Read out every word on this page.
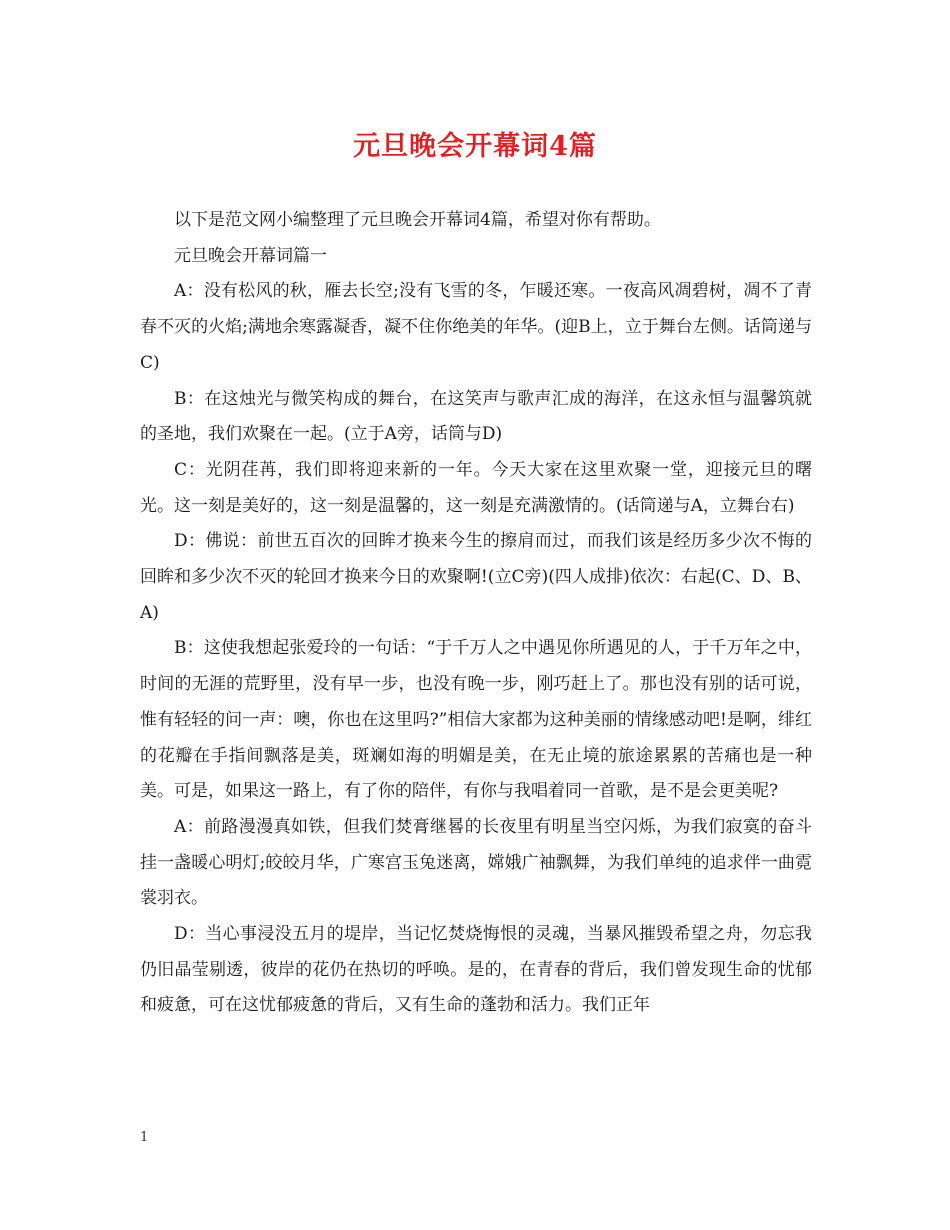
元旦晚会开幕词4篇

以下是范文网小编整理了元旦晚会开幕词4篇，希望对你有帮助。

元旦晚会开幕词篇一

A：没有松风的秋，雁去长空;没有飞雪的冬，乍暖还寒。一夜高风凋碧树，凋不了青春不灭的火焰;满地余寒露凝香，凝不住你绝美的年华。(迎B上，立于舞台左侧。话筒递与C)

B：在这烛光与微笑构成的舞台，在这笑声与歌声汇成的海洋，在这永恒与温馨筑就的圣地，我们欢聚在一起。(立于A旁，话筒与D)

C：光阴荏苒，我们即将迎来新的一年。今天大家在这里欢聚一堂，迎接元旦的曙光。这一刻是美好的，这一刻是温馨的，这一刻是充满激情的。(话筒递与A，立舞台右)

D：佛说：前世五百次的回眸才换来今生的擦肩而过，而我们该是经历多少次不悔的回眸和多少次不灭的轮回才换来今日的欢聚啊!(立C旁)(四人成排)依次：右起(C、D、B、A)

B：这使我想起张爱玲的一句话：“于千万人之中遇见你所遇见的人，于千万年之中，时间的无涯的荒野里，没有早一步，也没有晚一步，刚巧赶上了。那也没有别的话可说，惟有轻轻的问一声：噢，你也在这里吗?”相信大家都为这种美丽的情缘感动吧!是啊，绯红的花瓣在手指间飘落是美，斑斓如海的明媚是美，在无止境的旅途累累的苦痛也是一种美。可是，如果这一路上，有了你的陪伴，有你与我唱着同一首歌，是不是会更美呢?

A：前路漫漫真如铁，但我们焚膏继晷的长夜里有明星当空闪烁，为我们寂寞的奋斗挂一盏暖心明灯;皎皎月华，广寒宫玉兔迷离，嫦娥广袖飘舞，为我们单纯的追求伴一曲霓裳羽衣。

D：当心事浸没五月的堤岸，当记忆焚烧悔恨的灵魂，当暴风摧毁希望之舟，勿忘我仍旧晶莹剔透，彼岸的花仍在热切的呼唤。是的，在青春的背后，我们曾发现生命的忧郁和疲惫，可在这忧郁疲惫的背后，又有生命的蓬勃和活力。我们正年

1
